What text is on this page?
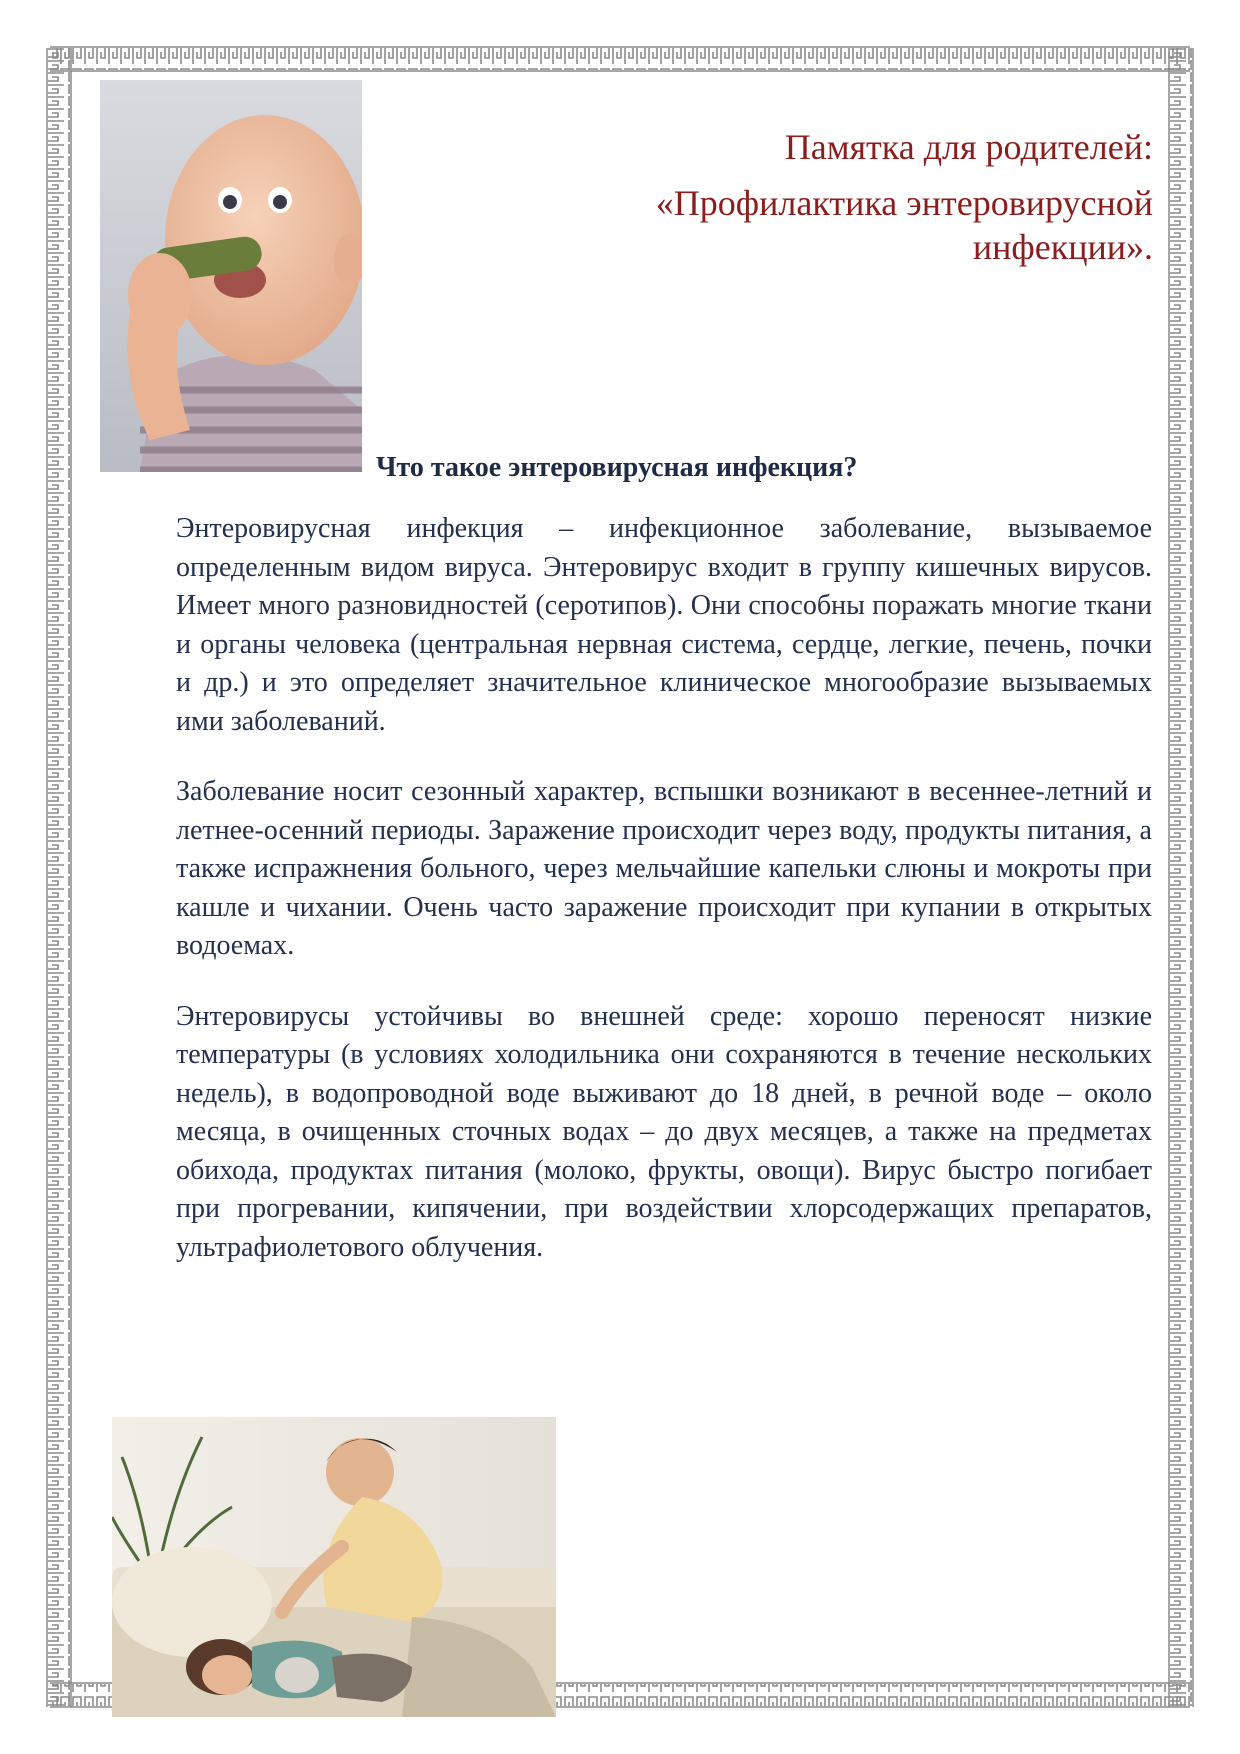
Памятка для родителей:

«Профилактика энтеровирусной

инфекции».

Что такое энтеровирусная инфекция?

Энтеровирусная инфекция – инфекционное заболевание, вызываемое определенным видом вируса. Энтеровирус входит в группу кишечных вирусов. Имеет много разновидностей (серотипов). Они способны поражать многие ткани и органы человека (центральная нервная система, сердце, легкие, печень, почки и др.) и это определяет значительное клиническое многообразие вызываемых ими заболеваний.

Заболевание носит сезонный характер, вспышки возникают в весеннее-летний и летнее-осенний периоды. Заражение происходит через воду, продукты питания, а также испражнения больного, через мельчайшие капельки слюны и мокроты при кашле и чихании. Очень часто заражение происходит при купании в открытых водоемах.

Энтеровирусы устойчивы во внешней среде: хорошо переносят низкие температуры (в условиях холодильника они сохраняются в течение нескольких недель), в водопроводной воде выживают до 18 дней, в речной воде – около месяца, в очищенных сточных водах – до двух месяцев, а также на предметах обихода, продуктах питания (молоко, фрукты, овощи). Вирус быстро погибает при прогревании, кипячении, при воздействии хлорсодержащих препаратов, ультрафиолетового облучения.
